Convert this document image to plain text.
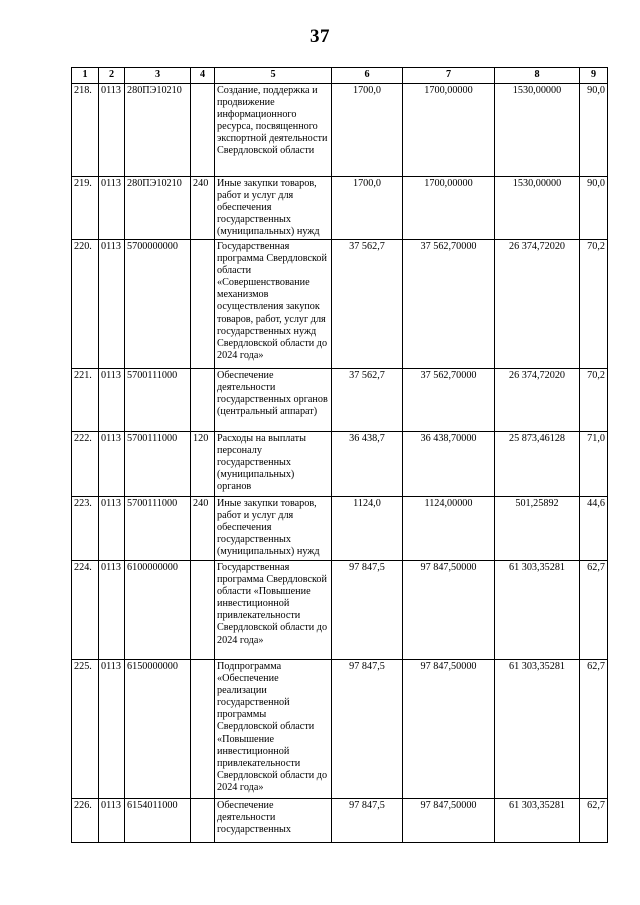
37
1	2	3	4	5	6	7	8	9
218.	0113	280ПЭ10210		Создание, поддержка и продвижение информационного ресурса, посвященного экспортной деятельности Свердловской области	1700,0	1700,00000	1530,00000	90,0
219.	0113	280ПЭ10210	240	Иные закупки товаров, работ и услуг для обеспечения государственных (муниципальных) нужд	1700,0	1700,00000	1530,00000	90,0
220.	0113	5700000000		Государственная программа Свердловской области «Совершенствование механизмов осуществления закупок товаров, работ, услуг для государственных нужд Свердловской области до 2024 года»	37 562,7	37 562,70000	26 374,72020	70,2
221.	0113	5700111000		Обеспечение деятельности государственных органов (центральный аппарат)	37 562,7	37 562,70000	26 374,72020	70,2
222.	0113	5700111000	120	Расходы на выплаты персоналу государственных (муниципальных) органов	36 438,7	36 438,70000	25 873,46128	71,0
223.	0113	5700111000	240	Иные закупки товаров, работ и услуг для обеспечения государственных (муниципальных) нужд	1124,0	1124,00000	501,25892	44,6
224.	0113	6100000000		Государственная программа Свердловской области «Повышение инвестиционной привлекательности Свердловской области до 2024 года»	97 847,5	97 847,50000	61 303,35281	62,7
225.	0113	6150000000		Подпрограмма «Обеспечение реализации государственной программы Свердловской области «Повышение инвестиционной привлекательности Свердловской области до 2024 года»	97 847,5	97 847,50000	61 303,35281	62,7
226.	0113	6154011000		Обеспечение деятельности государственных	97 847,5	97 847,50000	61 303,35281	62,7
